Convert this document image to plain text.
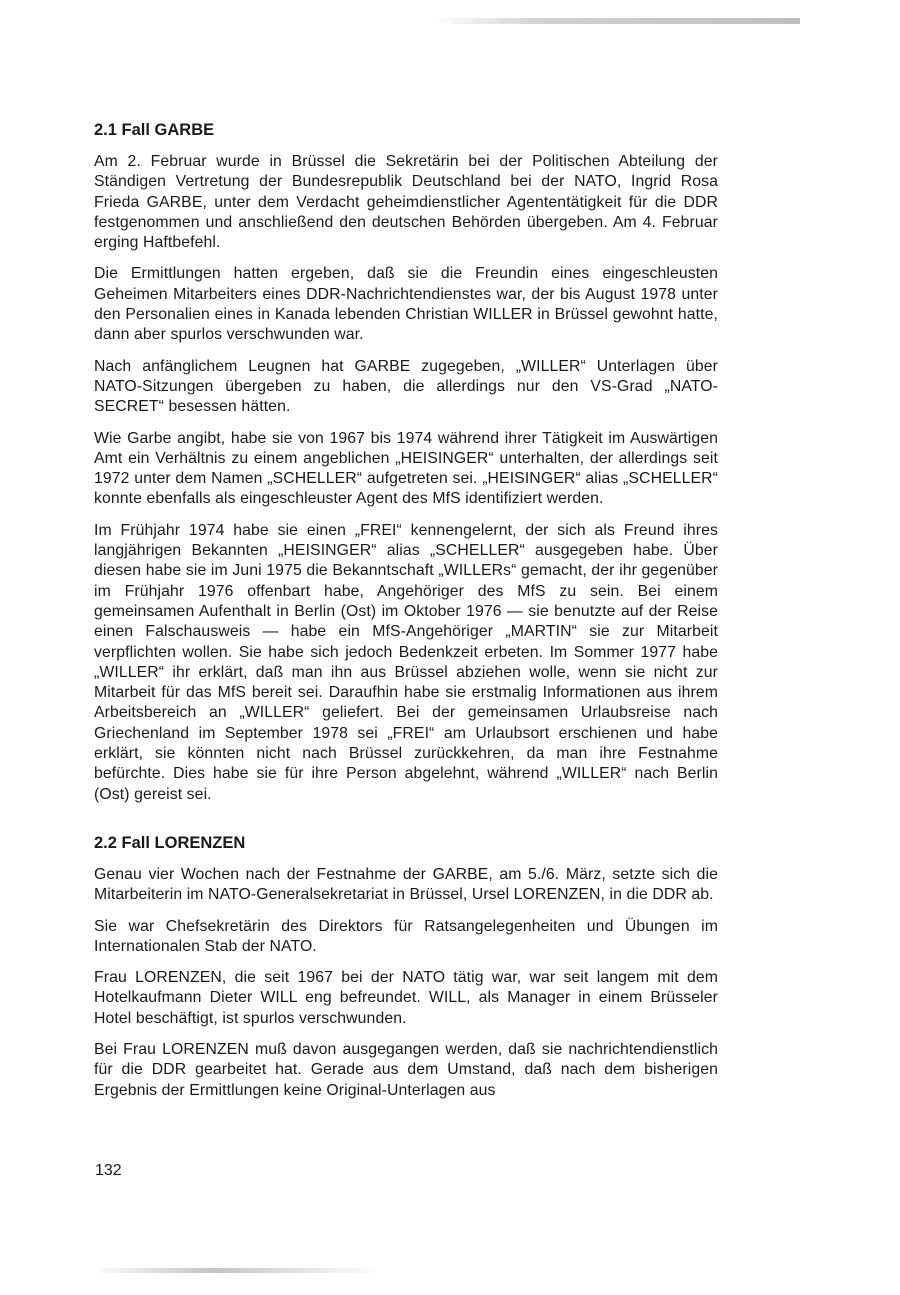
2.1 Fall GARBE

Am 2. Februar wurde in Brüssel die Sekretärin bei der Politischen Abteilung der Ständigen Vertretung der Bundesrepublik Deutschland bei der NATO, Ingrid Rosa Frieda GARBE, unter dem Verdacht geheimdienstlicher Agententätigkeit für die DDR festgenommen und anschließend den deutschen Behörden übergeben. Am 4. Februar erging Haftbefehl.

Die Ermittlungen hatten ergeben, daß sie die Freundin eines eingeschleusten Geheimen Mitarbeiters eines DDR-Nachrichtendienstes war, der bis August 1978 unter den Personalien eines in Kanada lebenden Christian WILLER in Brüssel gewohnt hatte, dann aber spurlos verschwunden war.

Nach anfänglichem Leugnen hat GARBE zugegeben, „WILLER“ Unterlagen über NATO-Sitzungen übergeben zu haben, die allerdings nur den VS-Grad „NATO-SECRET“ besessen hätten.

Wie Garbe angibt, habe sie von 1967 bis 1974 während ihrer Tätigkeit im Auswärtigen Amt ein Verhältnis zu einem angeblichen „HEISINGER“ unterhalten, der allerdings seit 1972 unter dem Namen „SCHELLER“ aufgetreten sei. „HEISINGER“ alias „SCHELLER“ konnte ebenfalls als eingeschleuster Agent des MfS identifiziert werden.

Im Frühjahr 1974 habe sie einen „FREI“ kennengelernt, der sich als Freund ihres langjährigen Bekannten „HEISINGER“ alias „SCHELLER“ ausgegeben habe. Über diesen habe sie im Juni 1975 die Bekanntschaft „WILLERs“ gemacht, der ihr gegenüber im Frühjahr 1976 offenbart habe, Angehöriger des MfS zu sein. Bei einem gemeinsamen Aufenthalt in Berlin (Ost) im Oktober 1976 — sie benutzte auf der Reise einen Falschausweis — habe ein MfS-Angehöriger „MARTIN“ sie zur Mitarbeit verpflichten wollen. Sie habe sich jedoch Bedenkzeit erbeten. Im Sommer 1977 habe „WILLER“ ihr erklärt, daß man ihn aus Brüssel abziehen wolle, wenn sie nicht zur Mitarbeit für das MfS bereit sei. Daraufhin habe sie erstmalig Informationen aus ihrem Arbeitsbereich an „WILLER“ geliefert. Bei der gemeinsamen Urlaubsreise nach Griechenland im September 1978 sei „FREI“ am Urlaubsort erschienen und habe erklärt, sie könnten nicht nach Brüssel zurückkehren, da man ihre Festnahme befürchte. Dies habe sie für ihre Person abgelehnt, während „WILLER“ nach Berlin (Ost) gereist sei.

2.2 Fall LORENZEN

Genau vier Wochen nach der Festnahme der GARBE, am 5./6. März, setzte sich die Mitarbeiterin im NATO-Generalsekretariat in Brüssel, Ursel LORENZEN, in die DDR ab.

Sie war Chefsekretärin des Direktors für Ratsangelegenheiten und Übungen im Internationalen Stab der NATO.

Frau LORENZEN, die seit 1967 bei der NATO tätig war, war seit langem mit dem Hotelkaufmann Dieter WILL eng befreundet. WILL, als Manager in einem Brüsseler Hotel beschäftigt, ist spurlos verschwunden.

Bei Frau LORENZEN muß davon ausgegangen werden, daß sie nachrichtendienstlich für die DDR gearbeitet hat. Gerade aus dem Umstand, daß nach dem bisherigen Ergebnis der Ermittlungen keine Original-Unterlagen aus

132
